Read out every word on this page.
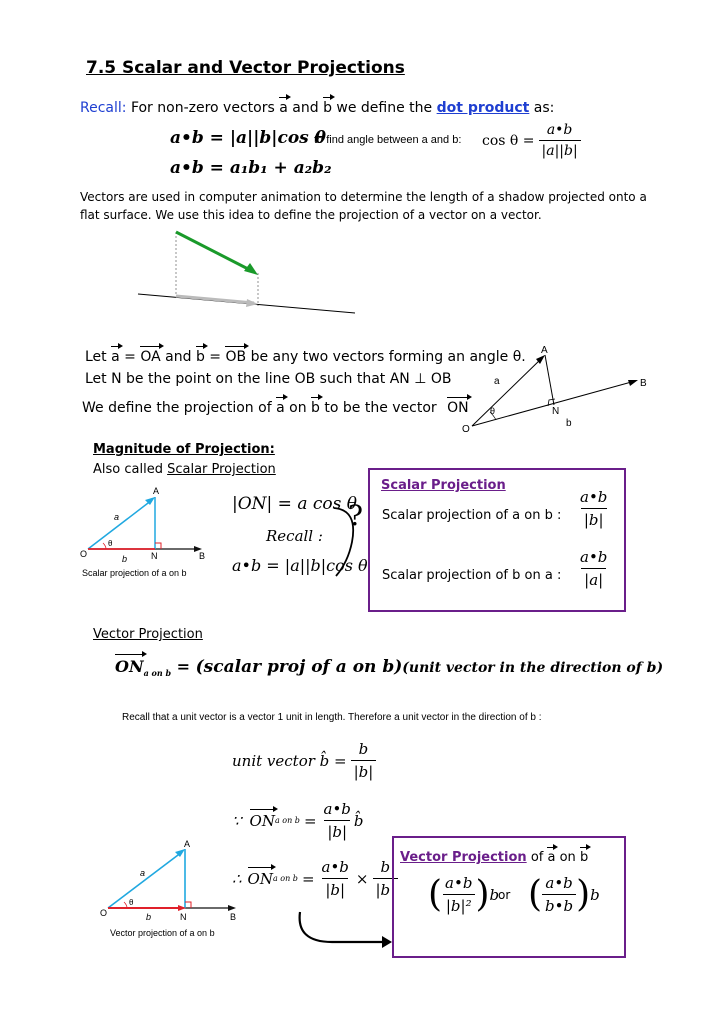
7.5 Scalar and Vector Projections
Recall: For non-zero vectors a and b we define the dot product as:
a•b = |a||b|cos θ
a•b = a₁b₁ + a₂b₂
to find angle between a and b: $\cos \theta = \frac{a•b}{|a||b|}$
Vectors are used in computer animation to determine the length of a shadow projected onto a flat surface. We use this idea to define the projection of a vector on a vector.
Let a = OA and b = OB be any two vectors forming an angle θ.
Let N be the point on the line OB such that AN ⊥ OB
We define the projection of a on b to be the vector ON
A
B
O
N
a
b
θ
Magnitude of Projection:
Also called Scalar Projection
A
O	N	B
a
b
θ
Scalar projection of a on b
|ON| = a cos θ
Recall :
a•b = |a||b|cos θ
?
Scalar Projection
Scalar projection of a on b : $\frac{a•b}{|b|}$
Scalar projection of b on a : $\frac{a•b}{|a|}$
Vector Projection
$ON_{a on b}$ = (scalar proj of a on b)(unit vector in the direction of b)
Recall that a unit vector is a vector 1 unit in length. Therefore a unit vector in the direction of b :
unit vector b̂ = $\frac{b}{|b|}$
∵ ON a on $b = \frac{a•b}{|b|}$ b̂
∴ ON a on $b = \frac{a•b}{|b|} \times \frac{b}{|b|}$
A
O	N	B
a
b
θ
Vector projection of a on b
Vector Projection of a on b
( $\frac{a•b}{\text{|b|²}}$ ) b
or ( $\frac{a•b}{b•b}$ ) b
